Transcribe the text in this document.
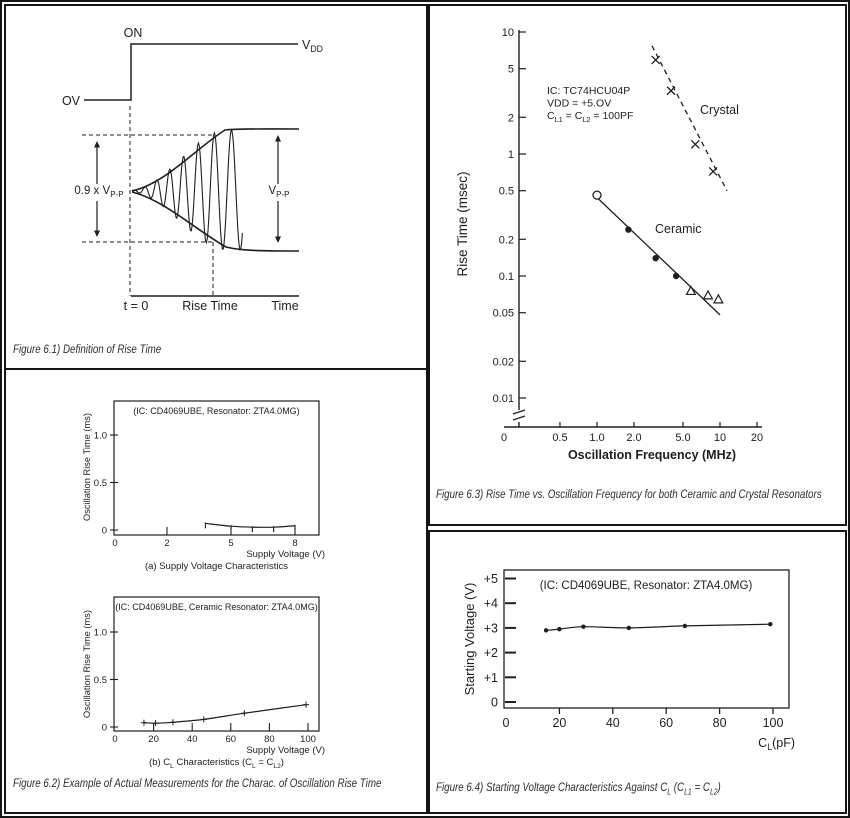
$V_{DD}$
ON
OV
0.9 x $V_{P-P}$	$V_{P-P}$
t = 0	Rise Time	Time
Figure 6.1) Definition of Rise Time
(IC: CD4069UBE, Resonator: ZTA4.0MG)
0
0.5
1.0
0	2	5	8
Supply Voltage (V)
(a) Supply Voltage Characteristics
Oscillation Rise Time (ms)
(IC: CD4069UBE, Ceramic Resonator: ZTA4.0MG)
0
0.5
1.0
0	20	40	60	80	100
Supply Voltage (V)
(b) $C_L$ Characteristics $(C_L = C_{L2})$
Oscillation Rise Time (ms)
Figure 6.2) Example of Actual Measurements for the Charac. of Oscillation Rise Time
10
5
2
1
0.5
0.2
0.1
0.05
0.02
0.01
0	0.5 1.0 2.0	5.0 10 20
Oscillation Frequency (MHz)
Rise Time (msec)
IC: TC74HCU04P
VDD = +5.OV
$C_{L1} = C_{L2} = 100PF$	Crystal
Ceramic
Figure 6.3) Rise Time vs. Oscillation Frequency for both Ceramic and Crystal Resonators
(IC: CD4069UBE, Resonator: ZTA4.0MG)
0
+1
+2
+3
+4
+5
0	20	40	60	80	100
$C_L(pF)$
Starting Voltage (V)
Figure 6.4) Starting Voltage Characteristics Against $C_L$ $(C_{L1} = C_{L2})$
